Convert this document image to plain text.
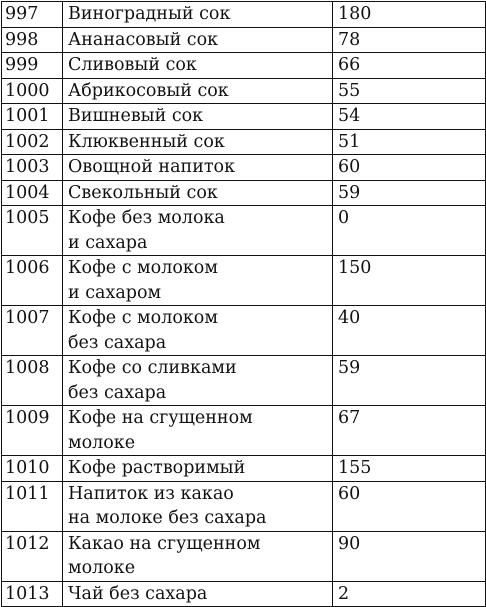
997	Виноградный сок	180
998	Ананасовый сок	78
999	Сливовый сок	66
1000	Абрикосовый сок	55
1001	Вишневый сок	54
1002	Клюквенный сок	51
1003	Овощной напиток	60
1004	Свекольный сок	59
1005	Кофе без молока
и сахара	0
1006	Кофе с молоком
и сахаром	150
1007	Кофе с молоком
без сахара	40
1008	Кофе со сливками
без сахара	59
1009	Кофе на сгущенном
молоке	67
1010	Кофе растворимый	155
1011	Напиток из какао
на молоке без сахара	60
1012	Какао на сгущенном
молоке	90
1013	Чай без сахара	2
